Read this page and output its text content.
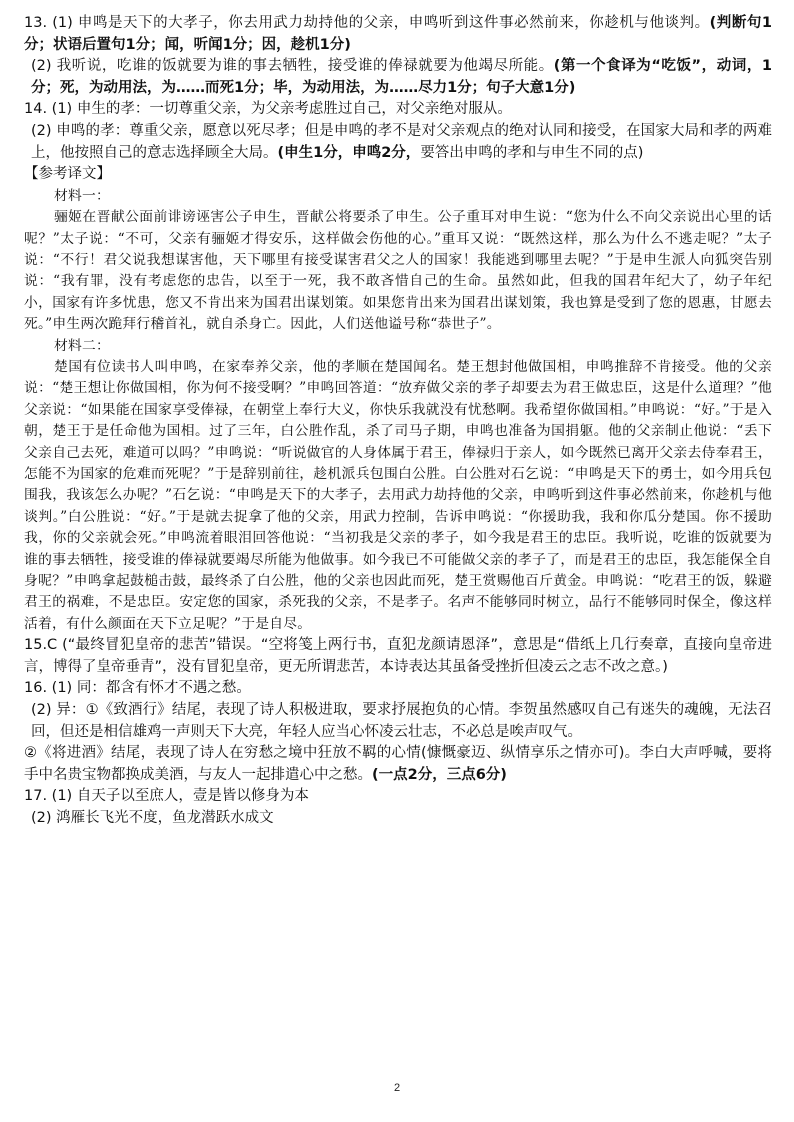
13. (1) 申鸣是天下的大孝子，你去用武力劫持他的父亲，申鸣听到这件事必然前来，你趁机与他谈判。(判断句1分；状语后置句1分；闻，听闻1分；因，趁机1分)

(2) 我听说，吃谁的饭就要为谁的事去牺牲，接受谁的俸禄就要为他竭尽所能。(第一个食译为“吃饭”，动词，1分；死，为动用法，为……而死1分；毕，为动用法，为……尽力1分；句子大意1分)

14. (1) 申生的孝：一切尊重父亲，为父亲考虑胜过自己，对父亲绝对服从。

(2) 申鸣的孝：尊重父亲，愿意以死尽孝；但是申鸣的孝不是对父亲观点的绝对认同和接受，在国家大局和孝的两难上，他按照自己的意志选择顾全大局。(申生1分，申鸣2分，要答出申鸣的孝和与申生不同的点)

【参考译文】

材料一：

骊姬在晋献公面前诽谤诬害公子申生，晋献公将要杀了申生。公子重耳对申生说：“您为什么不向父亲说出心里的话呢？”太子说：“不可，父亲有骊姬才得安乐，这样做会伤他的心。”重耳又说：“既然这样，那么为什么不逃走呢？”太子说：“不行！君父说我想谋害他，天下哪里有接受谋害君父之人的国家！我能逃到哪里去呢？”于是申生派人向狐突告别说：“我有罪，没有考虑您的忠告，以至于一死，我不敢吝惜自己的生命。虽然如此，但我的国君年纪大了，幼子年纪小，国家有许多忧患，您又不肯出来为国君出谋划策。如果您肯出来为国君出谋划策，我也算是受到了您的恩惠，甘愿去死。”申生两次跪拜行稽首礼，就自杀身亡。因此，人们送他谥号称“恭世子”。

材料二：

楚国有位读书人叫申鸣，在家奉养父亲，他的孝顺在楚国闻名。楚王想封他做国相，申鸣推辞不肯接受。他的父亲说：“楚王想让你做国相，你为何不接受啊？”申鸣回答道：“放弃做父亲的孝子却要去为君王做忠臣，这是什么道理？”他父亲说：“如果能在国家享受俸禄，在朝堂上奉行大义，你快乐我就没有忧愁啊。我希望你做国相。”申鸣说：“好。”于是入朝，楚王于是任命他为国相。过了三年，白公胜作乱，杀了司马子期，申鸣也准备为国捐躯。他的父亲制止他说：“丢下父亲自己去死，难道可以吗？”申鸣说：“听说做官的人身体属于君王，俸禄归于亲人，如今既然已离开父亲去侍奉君王，怎能不为国家的危难而死呢？”于是辞别前往，趁机派兵包围白公胜。白公胜对石乞说：“申鸣是天下的勇士，如今用兵包围我，我该怎么办呢？”石乞说：“申鸣是天下的大孝子，去用武力劫持他的父亲，申鸣听到这件事必然前来，你趁机与他谈判。”白公胜说：“好。”于是就去捉拿了他的父亲，用武力控制，告诉申鸣说：“你援助我，我和你瓜分楚国。你不援助我，你的父亲就会死。”申鸣流着眼泪回答他说：“当初我是父亲的孝子，如今我是君王的忠臣。我听说，吃谁的饭就要为谁的事去牺牲，接受谁的俸禄就要竭尽所能为他做事。如今我已不可能做父亲的孝子了，而是君王的忠臣，我怎能保全自身呢？”申鸣拿起鼓槌击鼓，最终杀了白公胜，他的父亲也因此而死，楚王赏赐他百斤黄金。申鸣说：“吃君王的饭，躲避君王的祸难，不是忠臣。安定您的国家，杀死我的父亲，不是孝子。名声不能够同时树立，品行不能够同时保全，像这样活着，有什么颜面在天下立足呢？”于是自尽。

15.C (“最终冒犯皇帝的悲苦”错误。“空将笺上两行书，直犯龙颜请恩泽”，意思是“借纸上几行奏章，直接向皇帝进言，博得了皇帝垂青”，没有冒犯皇帝，更无所谓悲苦，本诗表达其虽备受挫折但凌云之志不改之意。)

16. (1) 同：都含有怀才不遇之愁。

(2) 异：①《致酒行》结尾，表现了诗人积极进取，要求抒展抱负的心情。李贺虽然感叹自己有迷失的魂魄，无法召回，但还是相信雄鸡一声则天下大亮，年轻人应当心怀凌云壮志，不必总是唉声叹气。

②《将进酒》结尾，表现了诗人在穷愁之境中狂放不羁的心情(慷慨豪迈、纵情享乐之情亦可)。李白大声呼喊，要将手中名贵宝物都换成美酒，与友人一起排遣心中之愁。(一点2分，三点6分)

17. (1) 自天子以至庶人，壹是皆以修身为本

(2) 鸿雁长飞光不度，鱼龙潜跃水成文

2
